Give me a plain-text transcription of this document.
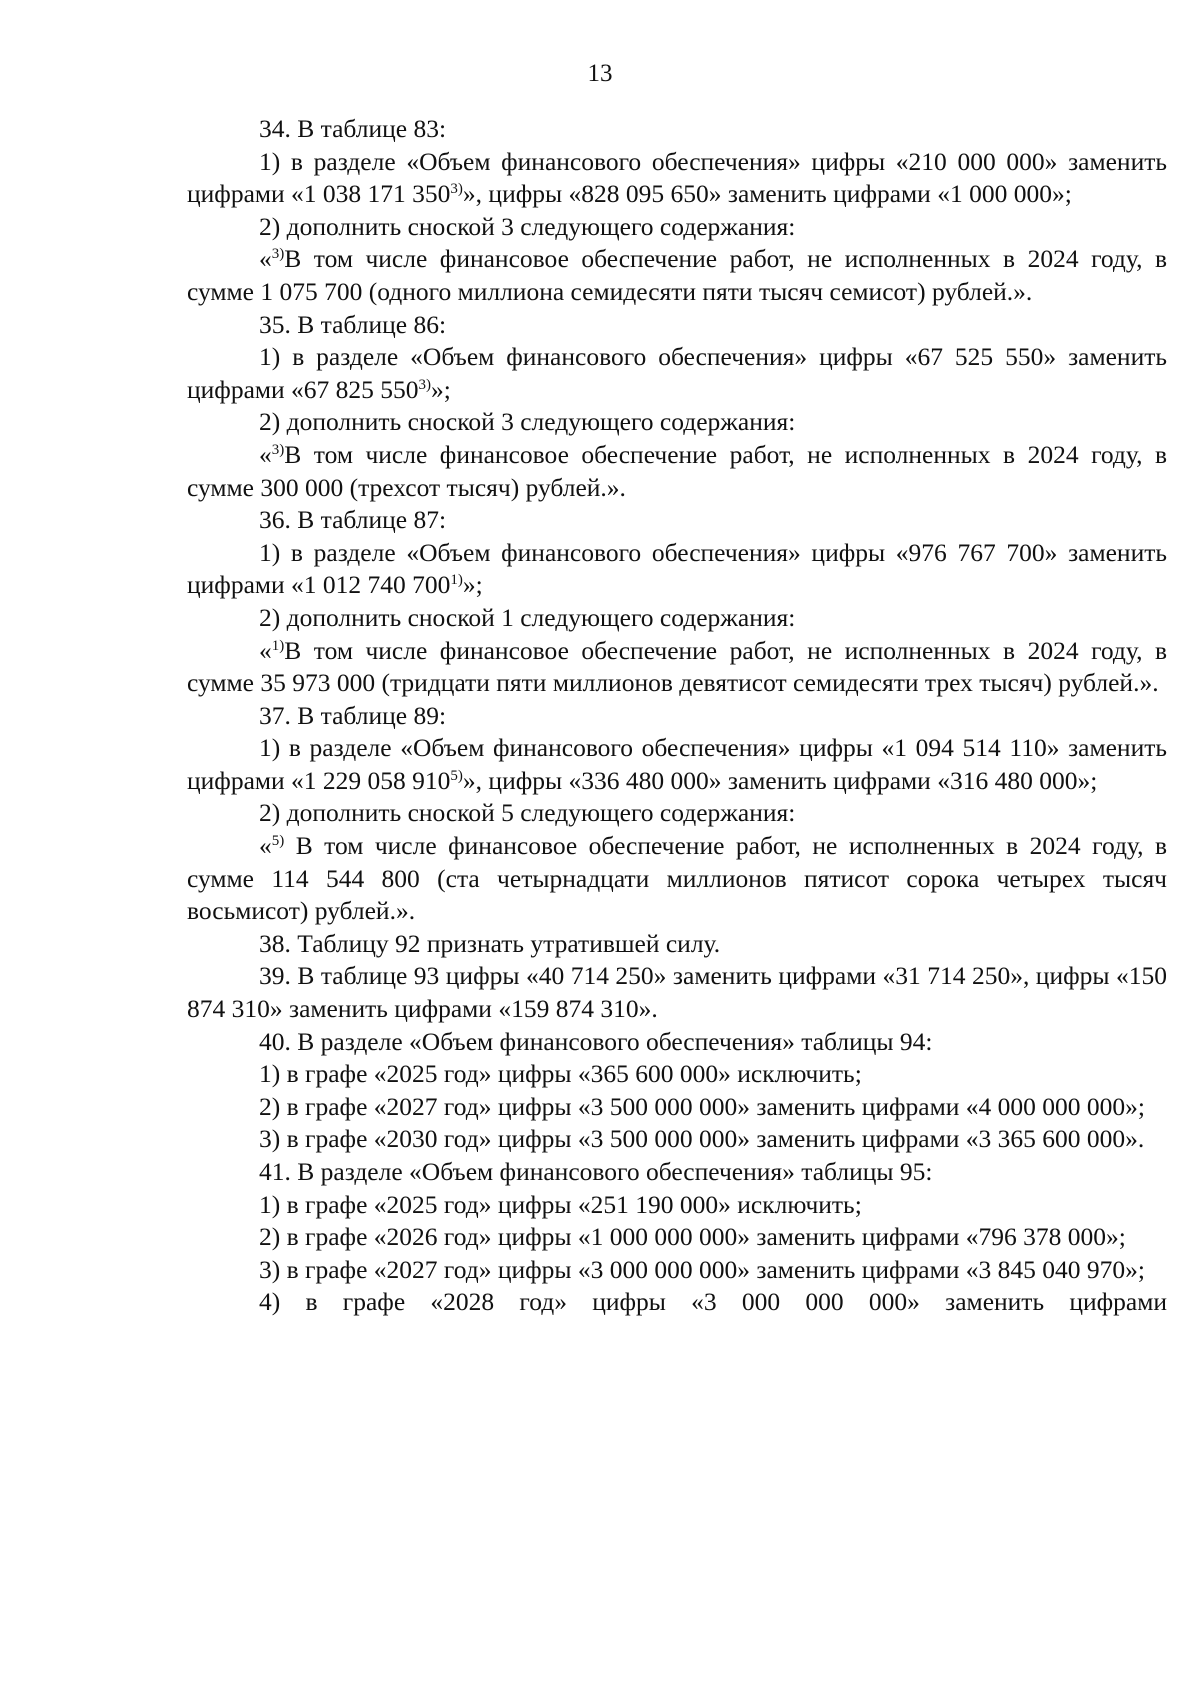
13

34. В таблице 83:

1) в разделе «Объем финансового обеспечения» цифры «210 000 000» заменить цифрами «1 038 171 350$^{3)}$», цифры «828 095 650» заменить цифрами «1 000 000»;

2) дополнить сноской 3 следующего содержания:

«$^{3)}$В том числе финансовое обеспечение работ, не исполненных в 2024 году, в сумме 1 075 700 (одного миллиона семидесяти пяти тысяч семисот) рублей.».

35. В таблице 86:

1) в разделе «Объем финансового обеспечения» цифры «67 525 550» заменить цифрами «67 825 550$^{3)}$»;

2) дополнить сноской 3 следующего содержания:

«$^{3)}$В том числе финансовое обеспечение работ, не исполненных в 2024 году, в сумме 300 000 (трехсот тысяч) рублей.».

36. В таблице 87:

1) в разделе «Объем финансового обеспечения» цифры «976 767 700» заменить цифрами «1 012 740 700$^{1)}$»;

2) дополнить сноской 1 следующего содержания:

«$^{1)}$В том числе финансовое обеспечение работ, не исполненных в 2024 году, в сумме 35 973 000 (тридцати пяти миллионов девятисот семидесяти трех тысяч) рублей.».

37. В таблице 89:

1) в разделе «Объем финансового обеспечения» цифры «1 094 514 110» заменить цифрами «1 229 058 910$^{5)}$», цифры «336 480 000» заменить цифрами «316 480 000»;

2) дополнить сноской 5 следующего содержания:

«$^{5)}$ В том числе финансовое обеспечение работ, не исполненных в 2024 году, в сумме 114 544 800 (ста четырнадцати миллионов пятисот сорока четырех тысяч восьмисот) рублей.».

38. Таблицу 92 признать утратившей силу.

39. В таблице 93 цифры «40 714 250» заменить цифрами «31 714 250», цифры «150 874 310» заменить цифрами «159 874 310».

40. В разделе «Объем финансового обеспечения» таблицы 94:

1) в графе «2025 год» цифры «365 600 000» исключить;

2) в графе «2027 год» цифры «3 500 000 000» заменить цифрами «4 000 000 000»;

3) в графе «2030 год» цифры «3 500 000 000» заменить цифрами «3 365 600 000».

41. В разделе «Объем финансового обеспечения» таблицы 95:

1) в графе «2025 год» цифры «251 190 000» исключить;

2) в графе «2026 год» цифры «1 000 000 000» заменить цифрами «796 378 000»;

3) в графе «2027 год» цифры «3 000 000 000» заменить цифрами «3 845 040 970»;

4) в графе «2028 год» цифры «3 000 000 000» заменить цифрами
